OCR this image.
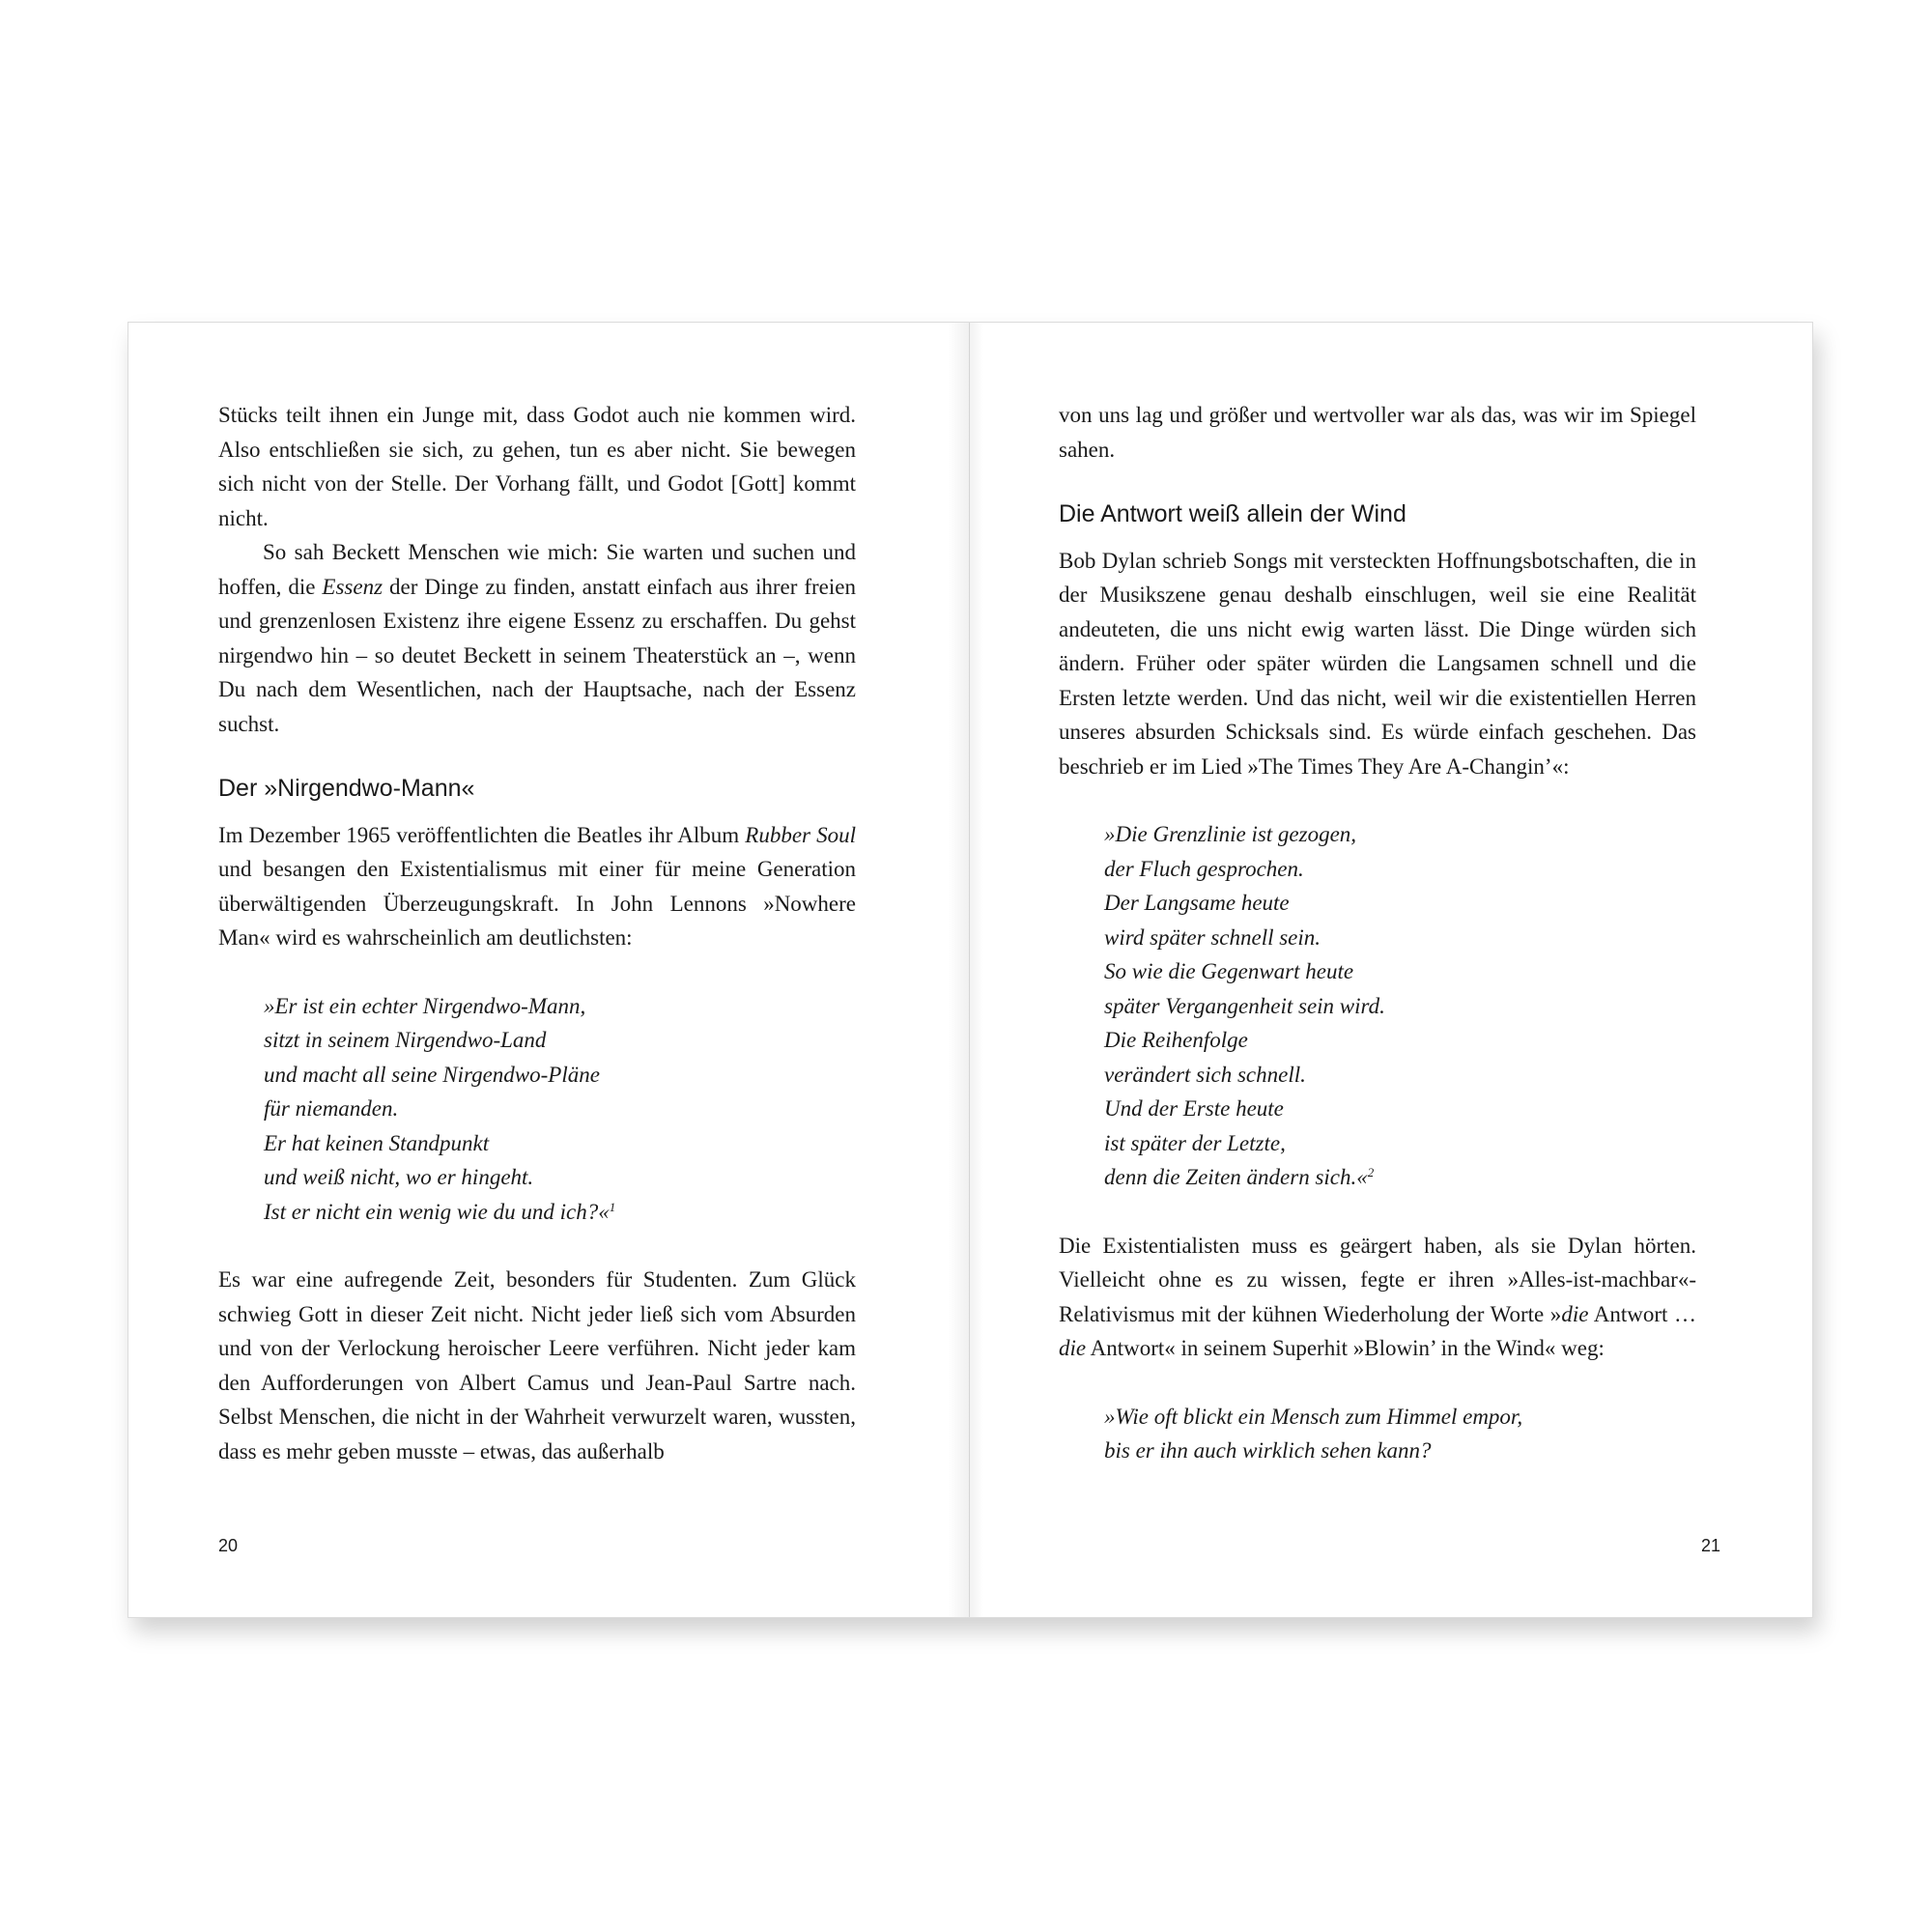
Stücks teilt ihnen ein Junge mit, dass Godot auch nie kommen wird. Also entschließen sie sich, zu gehen, tun es aber nicht. Sie bewegen sich nicht von der Stelle. Der Vorhang fällt, und Godot [Gott] kommt nicht.

So sah Beckett Menschen wie mich: Sie warten und suchen und hoffen, die Essenz der Dinge zu finden, anstatt einfach aus ihrer freien und grenzenlosen Existenz ihre eigene Essenz zu erschaffen. Du gehst nirgendwo hin – so deutet Beckett in seinem Theaterstück an –, wenn Du nach dem Wesentlichen, nach der Hauptsache, nach der Essenz suchst.

Der »Nirgendwo-Mann«

Im Dezember 1965 veröffentlichten die Beatles ihr Album Rubber Soul und besangen den Existentialismus mit einer für meine Generation überwältigenden Überzeugungskraft. In John Lennons »Nowhere Man« wird es wahrscheinlich am deutlichsten:

»Er ist ein echter Nirgendwo-Mann,
sitzt in seinem Nirgendwo-Land
und macht all seine Nirgendwo-Pläne
für niemanden.
Er hat keinen Standpunkt
und weiß nicht, wo er hingeht.
Ist er nicht ein wenig wie du und ich?«$^1$

Es war eine aufregende Zeit, besonders für Studenten. Zum Glück schwieg Gott in dieser Zeit nicht. Nicht jeder ließ sich vom Absurden und von der Verlockung heroischer Leere verführen. Nicht jeder kam den Aufforderungen von Albert Camus und Jean-Paul Sartre nach. Selbst Menschen, die nicht in der Wahrheit verwurzelt waren, wussten, dass es mehr geben musste – etwas, das außerhalb

20

von uns lag und größer und wertvoller war als das, was wir im Spiegel sahen.

Die Antwort weiß allein der Wind

Bob Dylan schrieb Songs mit versteckten Hoffnungsbotschaften, die in der Musikszene genau deshalb einschlugen, weil sie eine Realität andeuteten, die uns nicht ewig warten lässt. Die Dinge würden sich ändern. Früher oder später würden die Langsamen schnell und die Ersten letzte werden. Und das nicht, weil wir die existentiellen Herren unseres absurden Schicksals sind. Es würde einfach geschehen. Das beschrieb er im Lied »The Times They Are A-Changin’«:

»Die Grenzlinie ist gezogen,
der Fluch gesprochen.
Der Langsame heute
wird später schnell sein.
So wie die Gegenwart heute
später Vergangenheit sein wird.
Die Reihenfolge
verändert sich schnell.
Und der Erste heute
ist später der Letzte,
denn die Zeiten ändern sich.«$^2$

Die Existentialisten muss es geärgert haben, als sie Dylan hörten. Vielleicht ohne es zu wissen, fegte er ihren »Alles-ist-machbar«-Relativismus mit der kühnen Wiederholung der Worte »die Antwort … die Antwort« in seinem Superhit »Blowin’ in the Wind« weg:

»Wie oft blickt ein Mensch zum Himmel empor,
bis er ihn auch wirklich sehen kann?
21
